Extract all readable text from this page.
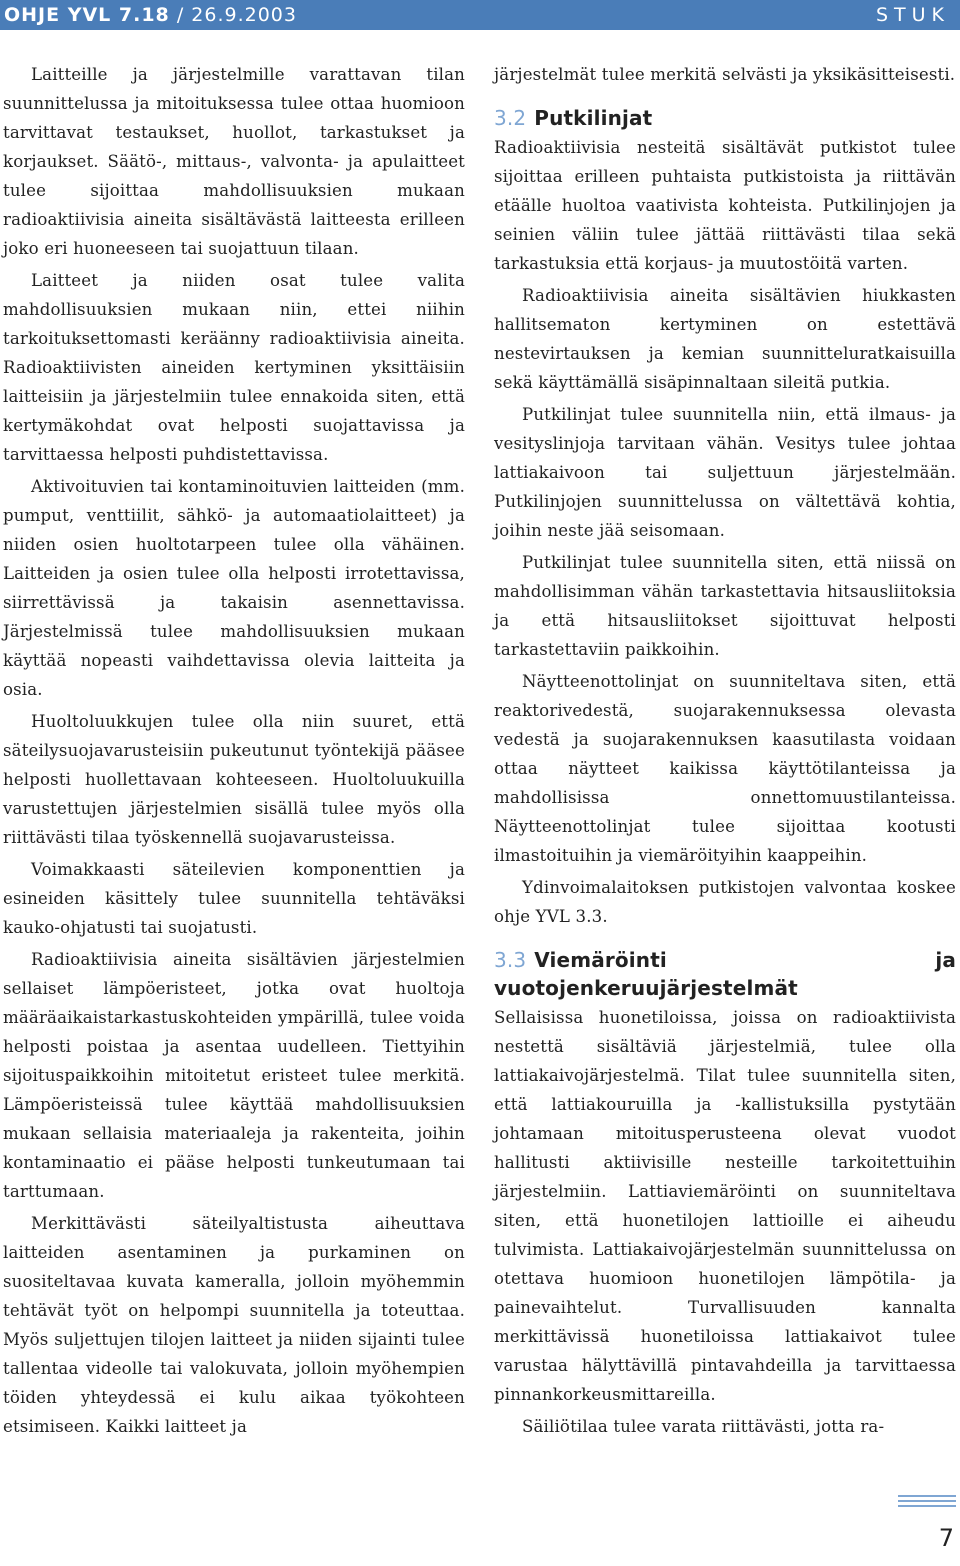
OHJE YVL 7.18 / 26.9.2003	STUK

Laitteille ja järjestelmille varattavan tilan suunnittelussa ja mitoituksessa tulee ottaa huomioon tarvittavat testaukset, huollot, tarkastukset ja korjaukset. Säätö-, mittaus-, valvonta- ja apulaitteet tulee sijoittaa mahdollisuuksien mukaan radioaktiivisia aineita sisältävästä laitteesta erilleen joko eri huoneeseen tai suojattuun tilaan.

Laitteet ja niiden osat tulee valita mahdollisuuksien mukaan niin, ettei niihin tarkoituksettomasti keräänny radioaktiivisia aineita. Radioaktiivisten aineiden kertyminen yksittäisiin laitteisiin ja järjestelmiin tulee ennakoida siten, että kertymäkohdat ovat helposti suojattavissa ja tarvittaessa helposti puhdistettavissa.

Aktivoituvien tai kontaminoituvien laitteiden (mm. pumput, venttiilit, sähkö- ja automaatiolaitteet) ja niiden osien huoltotarpeen tulee olla vähäinen. Laitteiden ja osien tulee olla helposti irrotettavissa, siirrettävissä ja takaisin asennettavissa. Järjestelmissä tulee mahdollisuuksien mukaan käyttää nopeasti vaihdettavissa olevia laitteita ja osia.

Huoltoluukkujen tulee olla niin suuret, että säteilysuojavarusteisiin pukeutunut työntekijä pääsee helposti huollettavaan kohteeseen. Huoltoluukuilla varustettujen järjestelmien sisällä tulee myös olla riittävästi tilaa työskennellä suojavarusteissa.

Voimakkaasti säteilevien komponenttien ja esineiden käsittely tulee suunnitella tehtäväksi kauko-ohjatusti tai suojatusti.

Radioaktiivisia aineita sisältävien järjestelmien sellaiset lämpöeristeet, jotka ovat huoltoja määräaikaistarkastuskohteiden ympärillä, tulee voida helposti poistaa ja asentaa uudelleen. Tiettyihin sijoituspaikkoihin mitoitetut eristeet tulee merkitä. Lämpöeristeissä tulee käyttää mahdollisuuksien mukaan sellaisia materiaaleja ja rakenteita, joihin kontaminaatio ei pääse helposti tunkeutumaan tai tarttumaan.

Merkittävästi säteilyaltistusta aiheuttava laitteiden asentaminen ja purkaminen on suositeltavaa kuvata kameralla, jolloin myöhemmin tehtävät työt on helpompi suunnitella ja toteuttaa. Myös suljettujen tilojen laitteet ja niiden sijainti tulee tallentaa videolle tai valokuvata, jolloin myöhempien töiden yhteydessä ei kulu aikaa työkohteen etsimiseen. Kaikki laitteet ja

järjestelmät tulee merkitä selvästi ja yksikäsitteisesti.

3.2 Putkilinjat

Radioaktiivisia nesteitä sisältävät putkistot tulee sijoittaa erilleen puhtaista putkistoista ja riittävän etäälle huoltoa vaativista kohteista. Putkilinjojen ja seinien väliin tulee jättää riittävästi tilaa sekä tarkastuksia että korjaus- ja muutostöitä varten.

Radioaktiivisia aineita sisältävien hiukkasten hallitsematon kertyminen on estettävä nestevirtauksen ja kemian suunnitteluratkaisuilla sekä käyttämällä sisäpinnaltaan sileitä putkia.

Putkilinjat tulee suunnitella niin, että ilmaus- ja vesityslinjoja tarvitaan vähän. Vesitys tulee johtaa lattiakaivoon tai suljettuun järjestelmään. Putkilinjojen suunnittelussa on vältettävä kohtia, joihin neste jää seisomaan.

Putkilinjat tulee suunnitella siten, että niissä on mahdollisimman vähän tarkastettavia hitsausliitoksia ja että hitsausliitokset sijoittuvat helposti tarkastettaviin paikkoihin.

Näytteenottolinjat on suunniteltava siten, että reaktorivedestä, suojarakennuksessa olevasta vedestä ja suojarakennuksen kaasutilasta voidaan ottaa näytteet kaikissa käyttötilanteissa ja mahdollisissa onnettomuustilanteissa. Näytteenottolinjat tulee sijoittaa kootusti ilmastoituihin ja viemäröityihin kaappeihin.

Ydinvoimalaitoksen putkistojen valvontaa koskee ohje YVL 3.3.

3.3 Viemäröinti ja vuotojenkeruujärjestelmät

Sellaisissa huonetiloissa, joissa on radioaktiivista nestettä sisältäviä järjestelmiä, tulee olla lattiakaivojärjestelmä. Tilat tulee suunnitella siten, että lattiakouruilla ja -kallistuksilla pystytään johtamaan mitoitusperusteena olevat vuodot hallitusti aktiivisille nesteille tarkoitettuihin järjestelmiin. Lattiaviemäröinti on suunniteltava siten, että huonetilojen lattioille ei aiheudu tulvimista. Lattiakaivojärjestelmän suunnittelussa on otettava huomioon huonetilojen lämpötila- ja painevaihtelut. Turvallisuuden kannalta merkittävissä huonetiloissa lattiakaivot tulee varustaa hälyttävillä pintavahdeilla ja tarvittaessa pinnankorkeusmittareilla.

Säiliötilaa tulee varata riittävästi, jotta ra-

7
